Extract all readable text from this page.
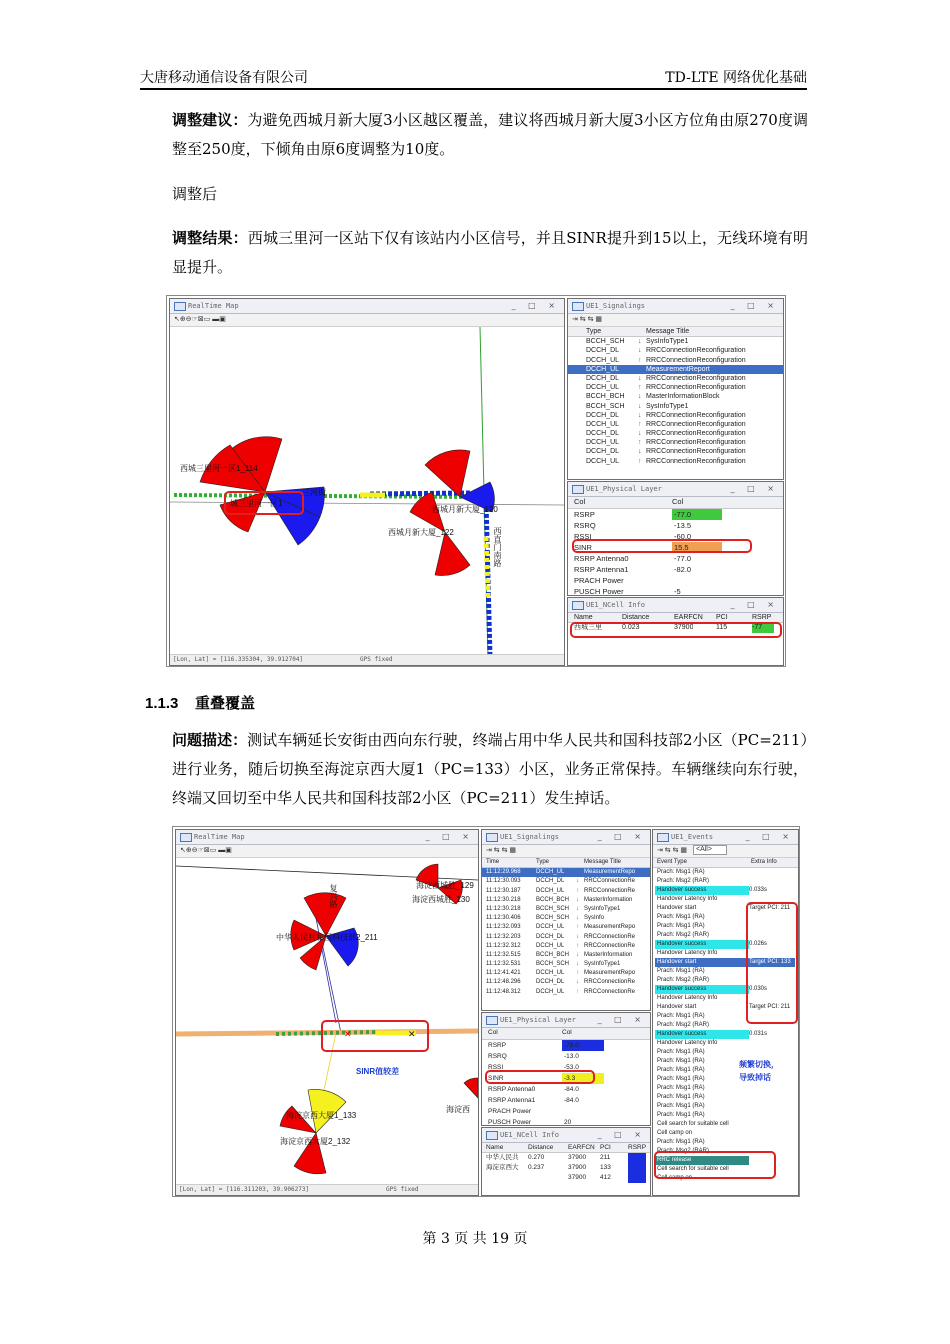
大唐移动通信设备有限公司	TD-LTE 网络优化基础
调整建议：为避免西城月新大厦3小区越区覆盖，建议将西城月新大厦3小区方位角由原270度调整至250度，下倾角由原6度调整为10度。
调整后
调整结果：西城三里河一区站下仅有该站内小区信号，并且SINR提升到15以上，无线环境有明显提升。
RealTime Map	_ □ ×
↖⊕⊖☞⊠▭ ▬▣
西城三里河一区1_114
城三里河一区1
三河街
西城月新大厦_120
西城月新大厦_122	西直门南路
[Lon, Lat] = [116.335304, 39.912704]	GPS fixed
UE1_Signalings	_ □ ×
⇥ ⇆ ⇆ ▦
Type	Message Title
BCCH_SCH	SysInfoType1
↓
DCCH_DL	RRCConnectionReconfiguration
↓
DCCH_UL	RRCConnectionReconfiguration
↑
DCCH_UL	MeasurementReport
↑
DCCH_DL	RRCConnectionReconfiguration
↓
DCCH_UL	RRCConnectionReconfiguration
↑
BCCH_BCH	MasterInformationBlock
↓
BCCH_SCH	SysInfoType1
↓
DCCH_DL	RRCConnectionReconfiguration
↓
DCCH_UL	RRCConnectionReconfiguration
↑
DCCH_DL	RRCConnectionReconfiguration
↓
DCCH_UL	RRCConnectionReconfiguration
↑
DCCH_DL	RRCConnectionReconfiguration
↓
DCCH_UL	RRCConnectionReconfiguration
↑
UE1_Physical Layer	_ □ ×
Col	Col
RSRP	-77.0
RSRQ	-13.5
RSSI	-60.0
SINR	15.5
RSRP Antenna0	-77.0
RSRP Antenna1	-82.0
PRACH Power
PUSCH Power	-5
UE1_NCell Info	_ □ ×
Name	Distance	EARFCN PCI	RSRP
西城三里	0.023	37900	115	-77
1.1.3 重叠覆盖
问题描述：测试车辆延长安街由西向东行驶，终端占用中华人民共和国科技部2小区（PC=211）进行业务，随后切换至海淀京西大厦1（PC=133）小区，业务正常保持。车辆继续向东行驶，终端又回切至中华人民共和国科技部2小区（PC=211）发生掉话。
RealTime Map	_ □ ×
↖⊕⊖☞⊠▭ ▬▣
✕	✕
中华人民共和国科技部2_211
海淀西城胜_129
海淀西城胜_130
复兴路
SINR值较差
海淀京西大厦1_133
海淀京西大厦2_132
海淀西
[Lon, Lat] = [116.311203, 39.906273]	GPS fixed
UE1_Signalings	_ □ ×
⇥ ⇆ ⇆ ▦
Time	Type	Message Title
11:12:29.968	DCCH_UL	MeasurementRepo
↑
11:12:30.093	DCCH_DL	RRCConnectionRe
↓
11:12:30.187	DCCH_UL	RRCConnectionRe
↑
11:12:30.218	BCCH_BCH MasterInformation
↓
11:12:30.218	BCCH_SCH SysInfoType1
↓
11:12:30.406	BCCH_SCH SysInfo
↓
11:12:32.093	DCCH_UL	MeasurementRepo
↑
11:12:32.203	DCCH_DL	RRCConnectionRe
↓
11:12:32.312	DCCH_UL	RRCConnectionRe
↑
11:12:32.515	BCCH_BCH MasterInformation
↓
11:12:32.531	BCCH_SCH SysInfoType1
↓
11:12:41.421	DCCH_UL	MeasurementRepo
↑
11:12:48.296	DCCH_DL	RRCConnectionRe
↓
11:12:48.312	DCCH_UL	RRCConnectionRe
↑
UE1_Physical Layer	_ □ ×
Col	Col
RSRP	-78.0
RSRQ	-13.0
RSSI	-53.0
SINR	-3.3
RSRP Antenna0	-84.0
RSRP Antenna1	-84.0
PRACH Power
PUSCH Power	20
UE1_NCell Info	_ □ ×
Name	Distance EARFCN PCI	RSRP
中华人民共 0.270	37900 211
海淀京西大 0.237	37900 133
37900 412
UE1_Events	_ □ ×
⇥ ⇆ ⇆ ▦ <All>
Event Type	Extra Info
Prach: Msg1 (RA)
Prach: Msg2 (RAR)
Handover success	0.033s
Handover Latency Info
Handover start	Target PCI: 211
Prach: Msg1 (RA)
Prach: Msg1 (RA)
Prach: Msg2 (RAR)
Handover success	0.026s
Handover Latency Info
Handover start	Target PCI: 133
Prach: Msg1 (RA)
Prach: Msg2 (RAR)
Handover success	0.030s
Handover Latency Info
Handover start	Target PCI: 211
Prach: Msg1 (RA)
Prach: Msg2 (RAR)
Handover success	0.031s
Handover Latency Info
Prach: Msg1 (RA)
Prach: Msg1 (RA)
Prach: Msg1 (RA)
Prach: Msg1 (RA)
Prach: Msg1 (RA)
Prach: Msg1 (RA)
Prach: Msg1 (RA)
Prach: Msg1 (RA)
Cell search for suitable cell
Cell camp on
Prach: Msg1 (RA)
Prach: Msg2 (RAR)
RRC release
Cell search for suitable cell
Cell camp on
频繁切换，
导致掉话
第 3 页 共 19 页
